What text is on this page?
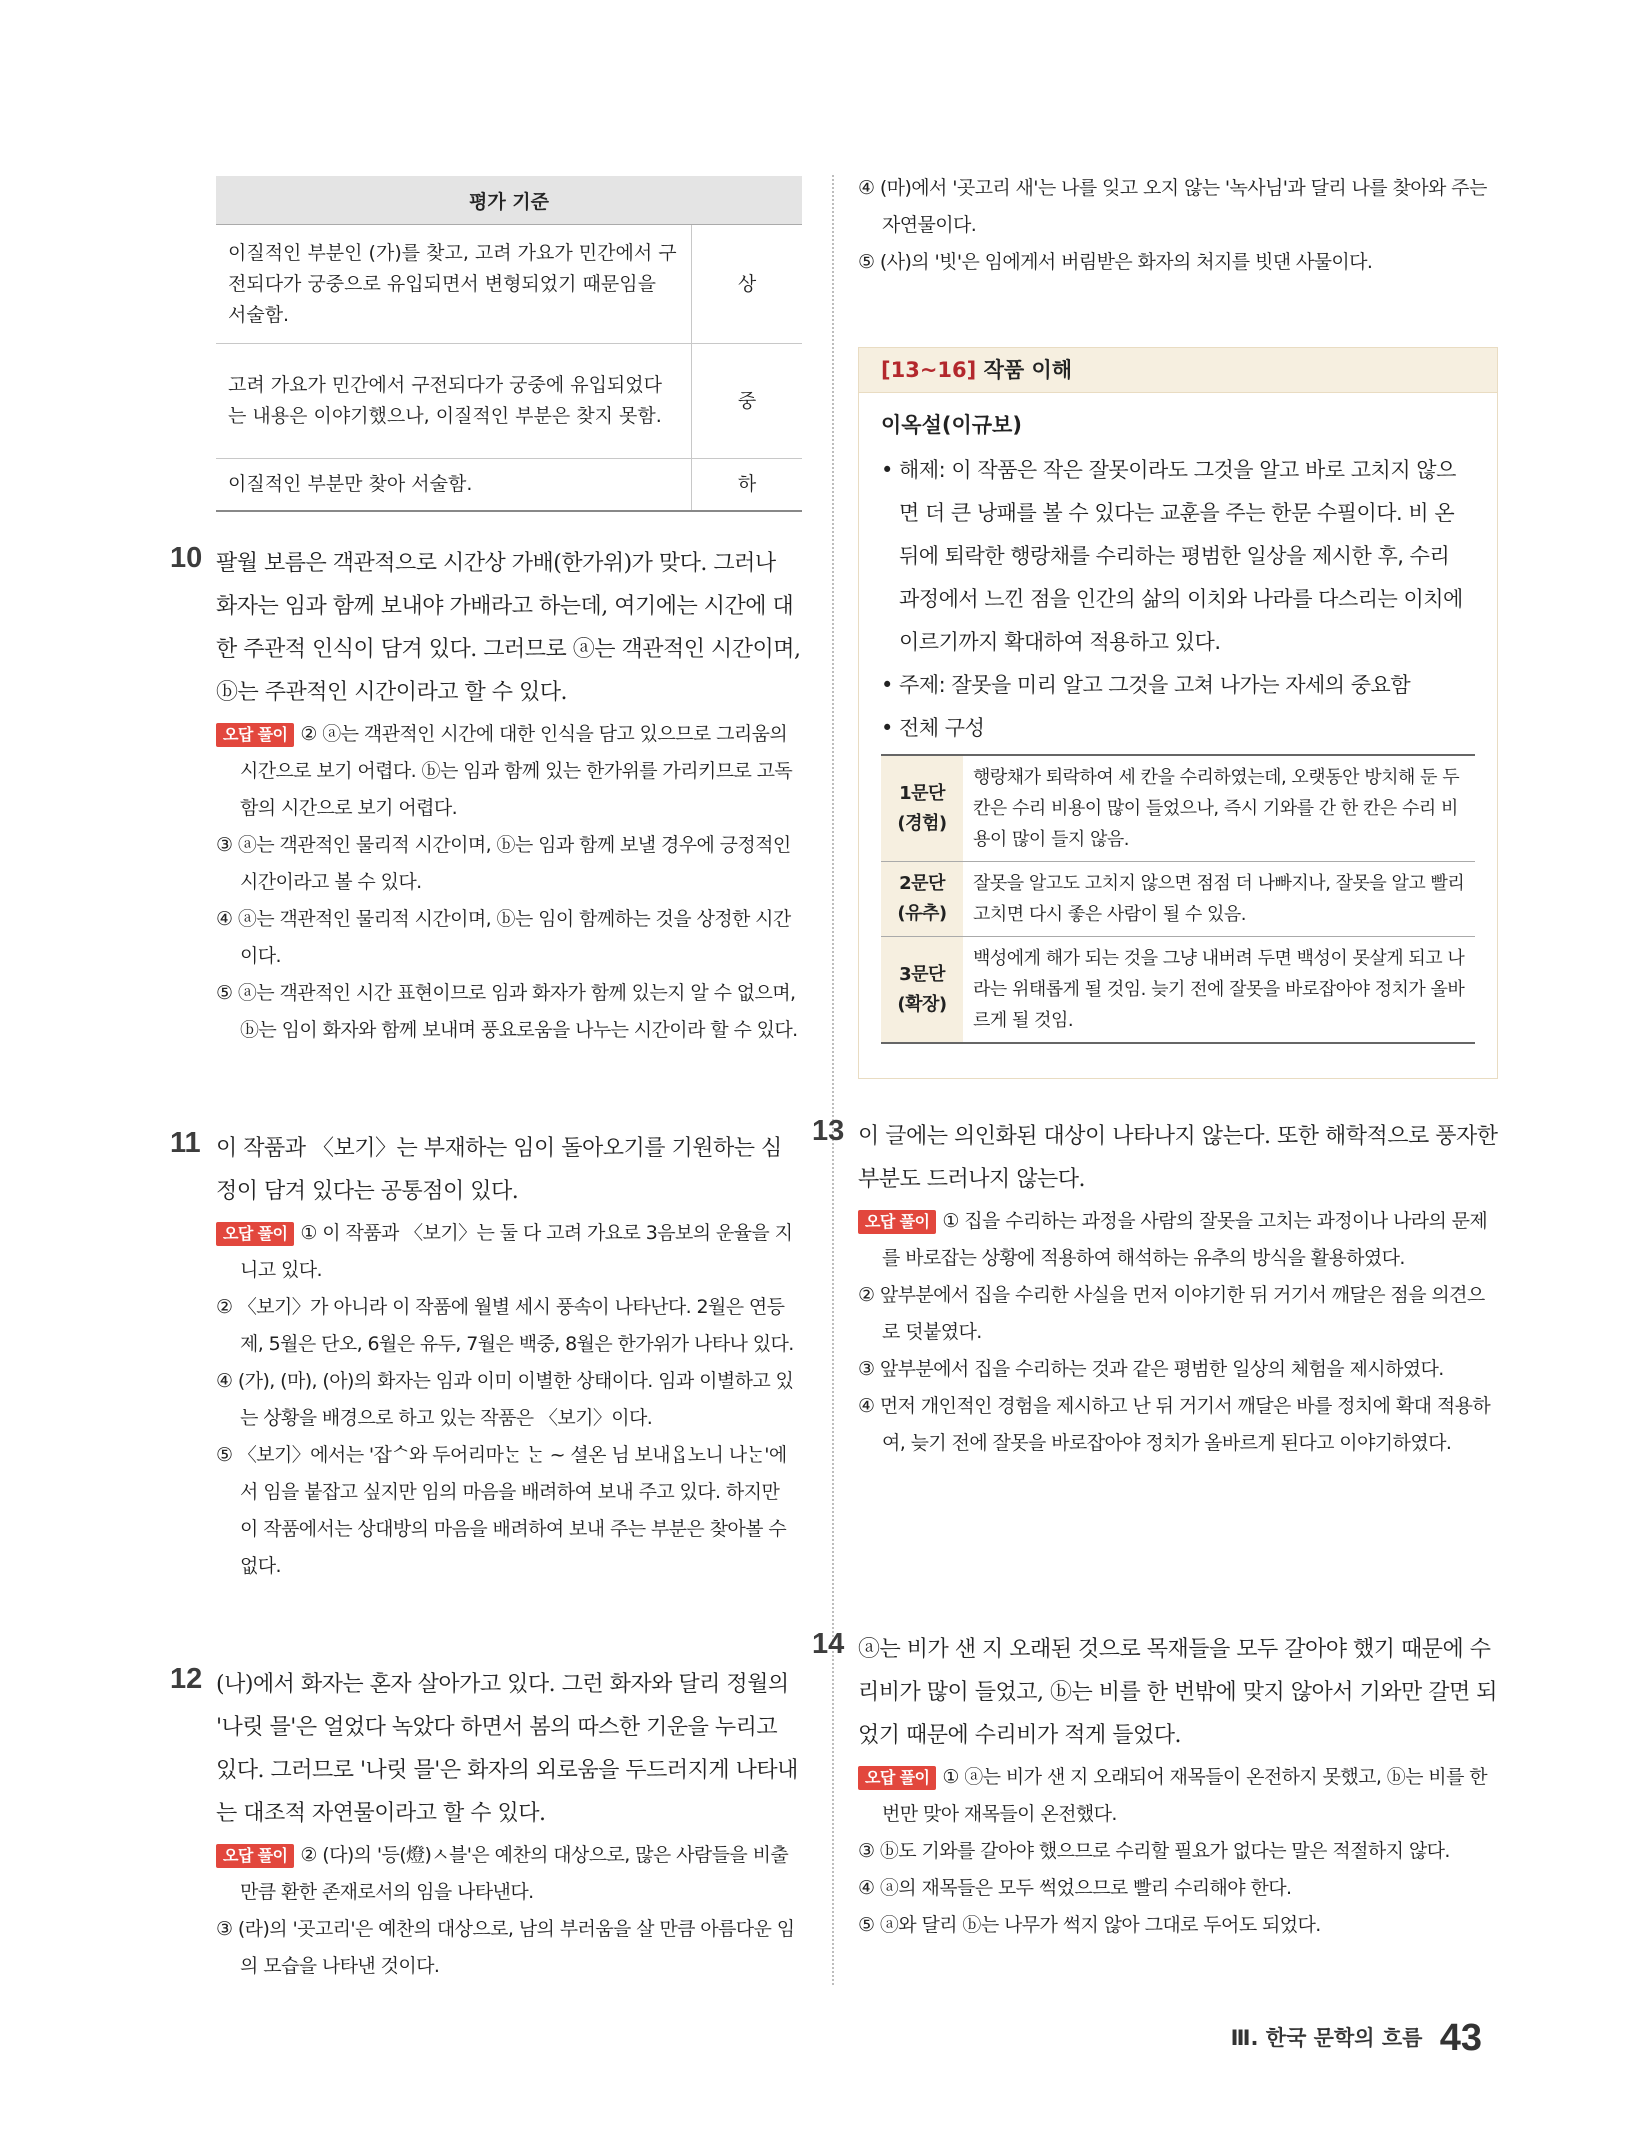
평가 기준	
이질적인 부분인 (가)를 찾고, 고려 가요가 민간에서 구전되다가 궁중으로 유입되면서 변형되었기 때문임을 서술함.	상
고려 가요가 민간에서 구전되다가 궁중에 유입되었다는 내용은 이야기했으나, 이질적인 부분은 찾지 못함.	중
이질적인 부분만 찾아 서술함.	하
10 팔월 보름은 객관적으로 시간상 가배(한가위)가 맞다. 그러나 화자는 임과 함께 보내야 가배라고 하는데, 여기에는 시간에 대한 주관적 인식이 담겨 있다. 그러므로 ⓐ는 객관적인 시간이며, ⓑ는 주관적인 시간이라고 할 수 있다.

오답 풀이 ② ⓐ는 객관적인 시간에 대한 인식을 담고 있으므로 그리움의 시간으로 보기 어렵다. ⓑ는 임과 함께 있는 한가위를 가리키므로 고독함의 시간으로 보기 어렵다.

③ ⓐ는 객관적인 물리적 시간이며, ⓑ는 임과 함께 보낼 경우에 긍정적인 시간이라고 볼 수 있다.

④ ⓐ는 객관적인 물리적 시간이며, ⓑ는 임이 함께하는 것을 상정한 시간이다.

⑤ ⓐ는 객관적인 시간 표현이므로 임과 화자가 함께 있는지 알 수 없으며, ⓑ는 임이 화자와 함께 보내며 풍요로움을 나누는 시간이라 할 수 있다.

11 이 작품과 〈보기〉는 부재하는 임이 돌아오기를 기원하는 심정이 담겨 있다는 공통점이 있다.

오답 풀이 ① 이 작품과 〈보기〉는 둘 다 고려 가요로 3음보의 운율을 지니고 있다.

② 〈보기〉가 아니라 이 작품에 월별 세시 풍속이 나타난다. 2월은 연등제, 5월은 단오, 6월은 유두, 7월은 백중, 8월은 한가위가 나타나 있다.

④ (가), (마), (아)의 화자는 임과 이미 이별한 상태이다. 임과 이별하고 있는 상황을 배경으로 하고 있는 작품은 〈보기〉이다.

⑤ 〈보기〉에서는 '잡ᄉ와 두어리마ᄂᆞᆫ ᄂᆞᆫ ~ 셜온 님 보내ᄋᆞᆸ노니 나ᄂᆞᆫ'에서 임을 붙잡고 싶지만 임의 마음을 배려하여 보내 주고 있다. 하지만 이 작품에서는 상대방의 마음을 배려하여 보내 주는 부분은 찾아볼 수 없다.

12 (나)에서 화자는 혼자 살아가고 있다. 그런 화자와 달리 정월의 '나릿 믈'은 얼었다 녹았다 하면서 봄의 따스한 기운을 누리고 있다. 그러므로 '나릿 믈'은 화자의 외로움을 두드러지게 나타내는 대조적 자연물이라고 할 수 있다.

오답 풀이 ② (다)의 '등(燈)ㅅ블'은 예찬의 대상으로, 많은 사람들을 비출 만큼 환한 존재로서의 임을 나타낸다.

③ (라)의 '곳고리'은 예찬의 대상으로, 남의 부러움을 살 만큼 아름다운 임의 모습을 나타낸 것이다.

④ (마)에서 '곳고리 새'는 나를 잊고 오지 않는 '녹사님'과 달리 나를 찾아와 주는 자연물이다.

⑤ (사)의 '빗'은 임에게서 버림받은 화자의 처지를 빗댄 사물이다.

[13~16] 작품 이해

이옥설(이규보)

• 해제: 이 작품은 작은 잘못이라도 그것을 알고 바로 고치지 않으면 더 큰 낭패를 볼 수 있다는 교훈을 주는 한문 수필이다. 비 온 뒤에 퇴락한 행랑채를 수리하는 평범한 일상을 제시한 후, 수리 과정에서 느낀 점을 인간의 삶의 이치와 나라를 다스리는 이치에 이르기까지 확대하여 적용하고 있다.

• 주제: 잘못을 미리 알고 그것을 고쳐 나가는 자세의 중요함

• 전체 구성

1문단
(경험)	행랑채가 퇴락하여 세 칸을 수리하였는데, 오랫동안 방치해 둔 두 칸은 수리 비용이 많이 들었으나, 즉시 기와를 간 한 칸은 수리 비용이 많이 들지 않음.
2문단
(유추)	잘못을 알고도 고치지 않으면 점점 더 나빠지나, 잘못을 알고 빨리 고치면 다시 좋은 사람이 될 수 있음.
3문단
(확장)	백성에게 해가 되는 것을 그냥 내버려 두면 백성이 못살게 되고 나라는 위태롭게 될 것임. 늦기 전에 잘못을 바로잡아야 정치가 올바르게 될 것임.
13 이 글에는 의인화된 대상이 나타나지 않는다. 또한 해학적으로 풍자한 부분도 드러나지 않는다.

오답 풀이 ① 집을 수리하는 과정을 사람의 잘못을 고치는 과정이나 나라의 문제를 바로잡는 상황에 적용하여 해석하는 유추의 방식을 활용하였다.

② 앞부분에서 집을 수리한 사실을 먼저 이야기한 뒤 거기서 깨달은 점을 의견으로 덧붙였다.

③ 앞부분에서 집을 수리하는 것과 같은 평범한 일상의 체험을 제시하였다.

④ 먼저 개인적인 경험을 제시하고 난 뒤 거기서 깨달은 바를 정치에 확대 적용하여, 늦기 전에 잘못을 바로잡아야 정치가 올바르게 된다고 이야기하였다.

14 ⓐ는 비가 샌 지 오래된 것으로 목재들을 모두 갈아야 했기 때문에 수리비가 많이 들었고, ⓑ는 비를 한 번밖에 맞지 않아서 기와만 갈면 되었기 때문에 수리비가 적게 들었다.

오답 풀이 ① ⓐ는 비가 샌 지 오래되어 재목들이 온전하지 못했고, ⓑ는 비를 한 번만 맞아 재목들이 온전했다.

③ ⓑ도 기와를 갈아야 했으므로 수리할 필요가 없다는 말은 적절하지 않다.

④ ⓐ의 재목들은 모두 썩었으므로 빨리 수리해야 한다.

⑤ ⓐ와 달리 ⓑ는 나무가 썩지 않아 그대로 두어도 되었다.

Ⅲ. 한국 문학의 흐름 43
